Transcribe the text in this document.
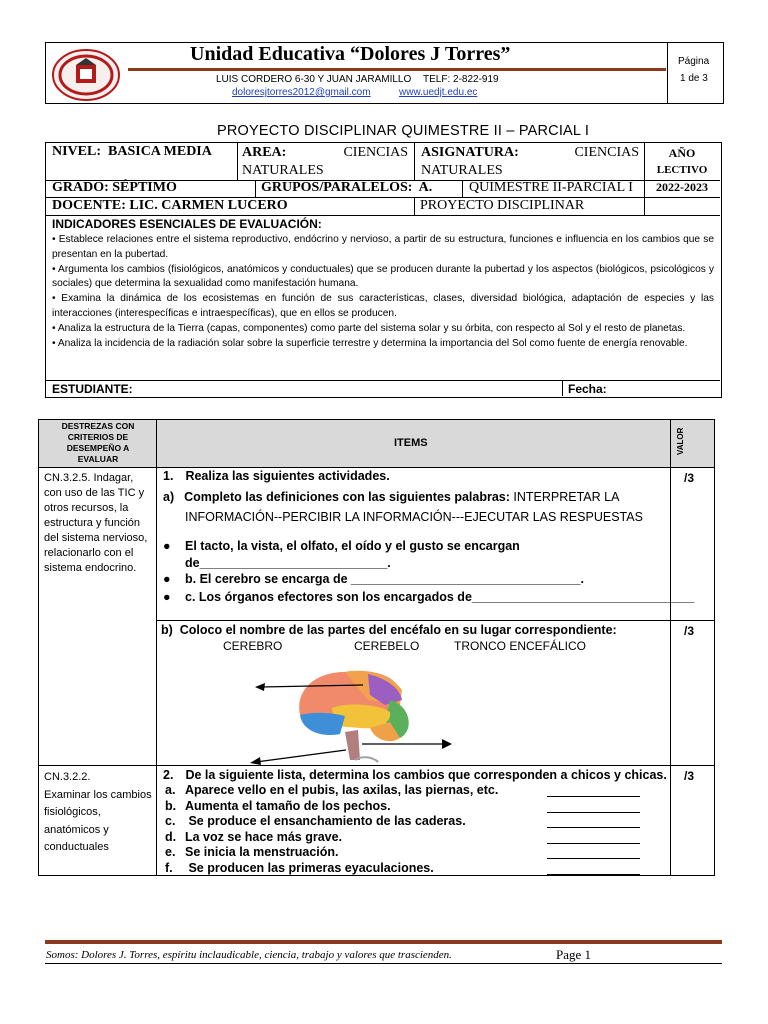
Unidad Educativa “Dolores J Torres”
LUIS CORDERO 6-30 Y JUAN JARAMILLO TELF: 2-822-919
doloresjtorres2012@gmail.com	www.uedjt.edu.ec
Página
1 de 3
PROYECTO DISCIPLINAR QUIMESTRE II – PARCIAL I
NIVEL: BASICA MEDIA AREA:	CIENCIAS
NATURALES
ASIGNATURA:	CIENCIAS
NATURALES
AÑO
LECTIVO
2022-2023
GRADO: SÉPTIMO	GRUPOS/PARALELOS: A.	QUIMESTRE II-PARCIAL I
DOCENTE: LIC. CARMEN LUCERO	PROYECTO DISCIPLINAR
INDICADORES ESENCIALES DE EVALUACIÓN:
• Establece relaciones entre el sistema reproductivo, endócrino y nervioso, a partir de su estructura, funciones e influencia en los cambios que se presentan en la pubertad.
• Argumenta los cambios (fisiológicos, anatómicos y conductuales) que se producen durante la pubertad y los aspectos (biológicos, psicológicos y sociales) que determina la sexualidad como manifestación humana.
• Examina la dinámica de los ecosistemas en función de sus características, clases, diversidad biológica, adaptación de especies y las interacciones (interespecíficas e intraespecíficas), que en ellos se producen.
• Analiza la estructura de la Tierra (capas, componentes) como parte del sistema solar y su órbita, con respecto al Sol y el resto de planetas.
• Analiza la incidencia de la radiación solar sobre la superficie terrestre y determina la importancia del Sol como fuente de energía renovable.
ESTUDIANTE:	Fecha:
DESTREZAS CON CRITERIOS DE DESEMPEÑO A EVALUAR
ITEMS	VALOR
CN.3.2.5. Indagar, con uso de las TIC y otros recursos, la estructura y función del sistema nervioso, relacionarlo con el sistema endocrino.
1. Realiza las siguientes actividades.
a) Completo las definiciones con las siguientes palabras: INTERPRETAR LA
INFORMACIÓN--PERCIBIR LA INFORMACIÓN---EJECUTAR LAS RESPUESTAS
●	El tacto, la vista, el olfato, el oído y el gusto se encargan
de___________________________.
● b. El cerebro se encarga de _________________________________.
● c. Los órganos efectores son los encargados de________________________________
/3
b) Coloco el nombre de las partes del encéfalo en su lugar correspondiente:
CEREBRO	CEREBELO	TRONCO ENCEFÁLICO
/3
CN.3.2.2.
Examinar los cambios fisiológicos, anatómicos y conductuales
2. De la siguiente lista, determina los cambios que corresponden a chicos y chicas.
a. Aparece vello en el pubis, las axilas, las piernas, etc.
b. Aumenta el tamaño de los pechos.
c. Se produce el ensanchamiento de las caderas.
d. La voz se hace más grave.
e. Se inicia la menstruación.
f. Se producen las primeras eyaculaciones.
/3
Somos: Dolores J. Torres, espíritu inclaudicable, ciencia, trabajo y valores que trascienden.	Page 1
